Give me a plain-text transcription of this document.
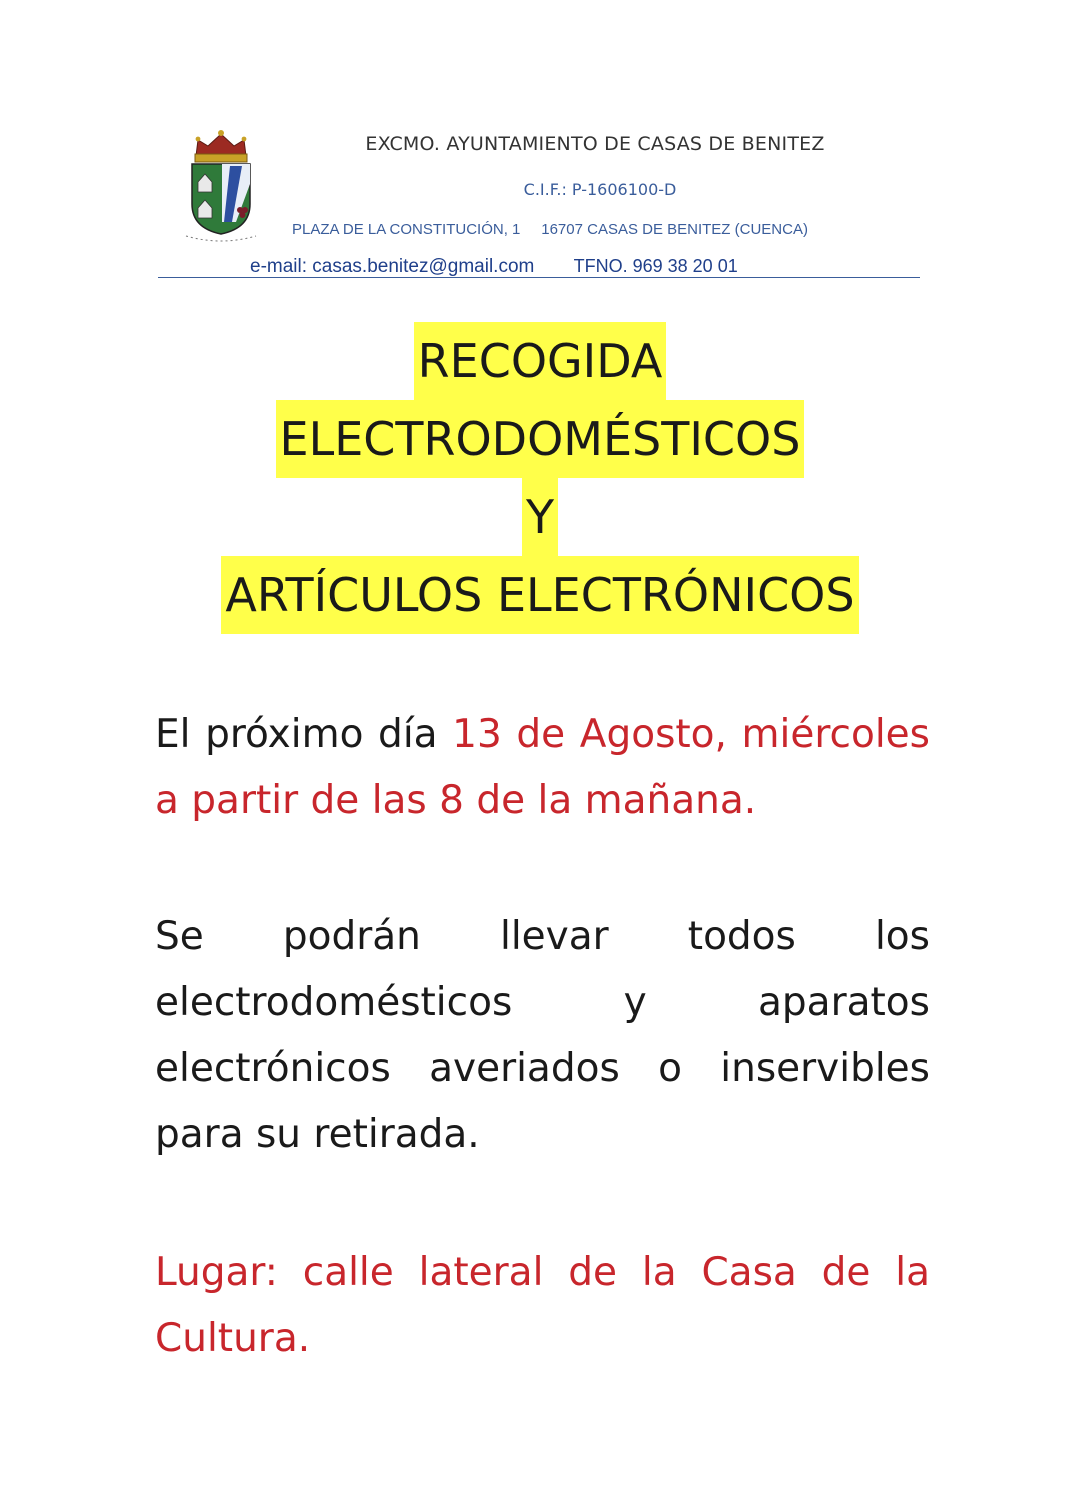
EXCMO. AYUNTAMIENTO DE CASAS DE BENITEZ
C.I.F.: P-1606100-D
PLAZA DE LA CONSTITUCIÓN, 1     16707 CASAS DE BENITEZ (CUENCA)
e-mail: casas.benitez@gmail.com TFNO. 969 38 20 01
RECOGIDA
ELECTRODOMÉSTICOS
Y
ARTÍCULOS ELECTRÓNICOS
El próximo día 13 de Agosto, miércoles a partir de las 8 de la mañana.
Se podrán llevar todos los electrodomésticos y aparatos electrónicos averiados o inservibles para su retirada.
Lugar: calle lateral de la Casa de la Cultura.
